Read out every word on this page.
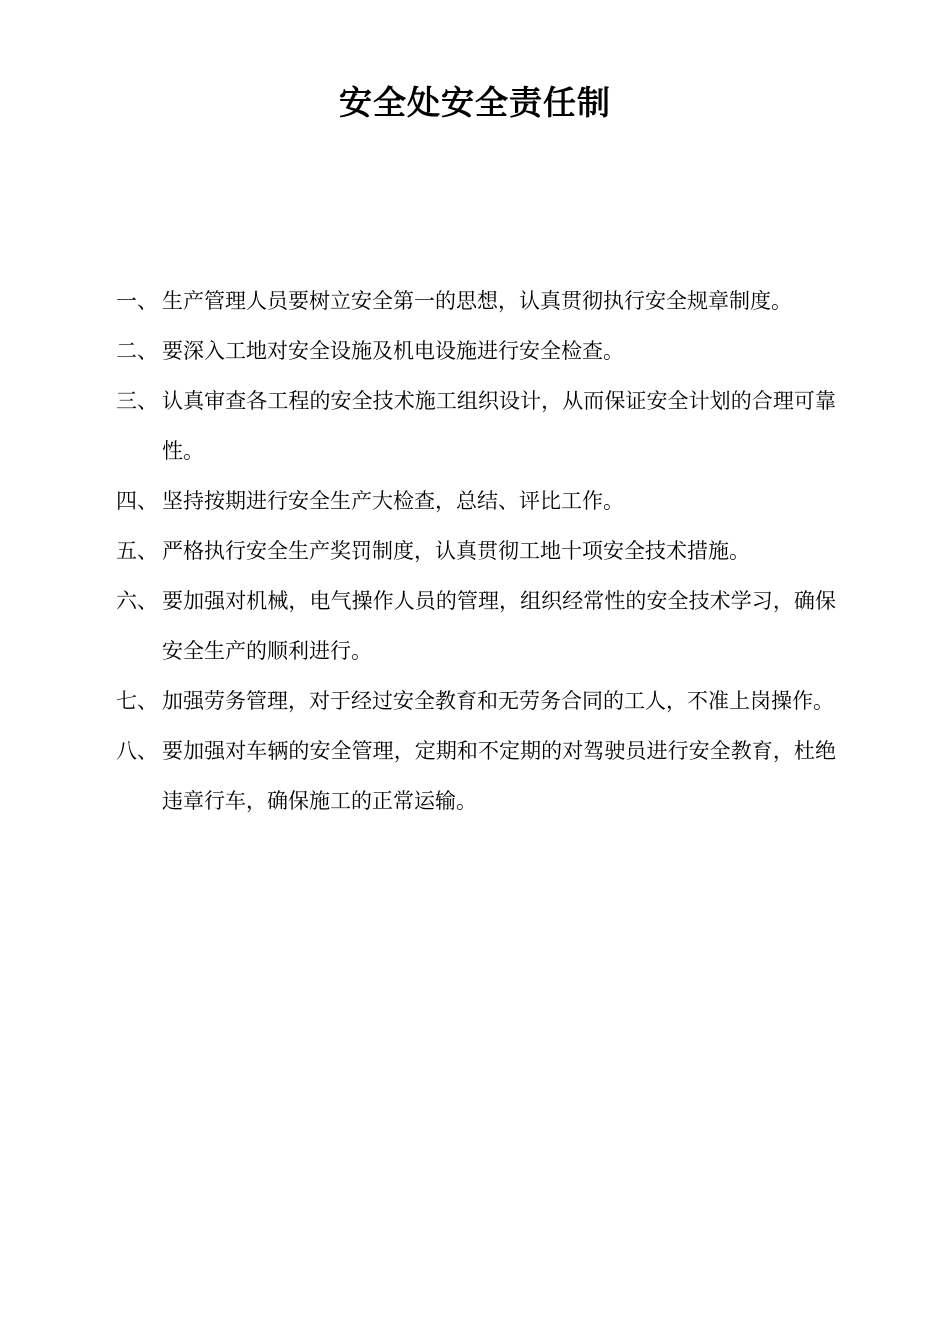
安全处安全责任制
一、 生产管理人员要树立安全第一的思想，认真贯彻执行安全规章制度。
二、 要深入工地对安全设施及机电设施进行安全检查。
三、 认真审查各工程的安全技术施工组织设计，从而保证安全计划的合理可靠性。
四、 坚持按期进行安全生产大检查，总结、评比工作。
五、 严格执行安全生产奖罚制度，认真贯彻工地十项安全技术措施。
六、 要加强对机械，电气操作人员的管理，组织经常性的安全技术学习，确保安全生产的顺利进行。
七、 加强劳务管理，对于经过安全教育和无劳务合同的工人，不准上岗操作。
八、 要加强对车辆的安全管理，定期和不定期的对驾驶员进行安全教育，杜绝违章行车，确保施工的正常运输。
